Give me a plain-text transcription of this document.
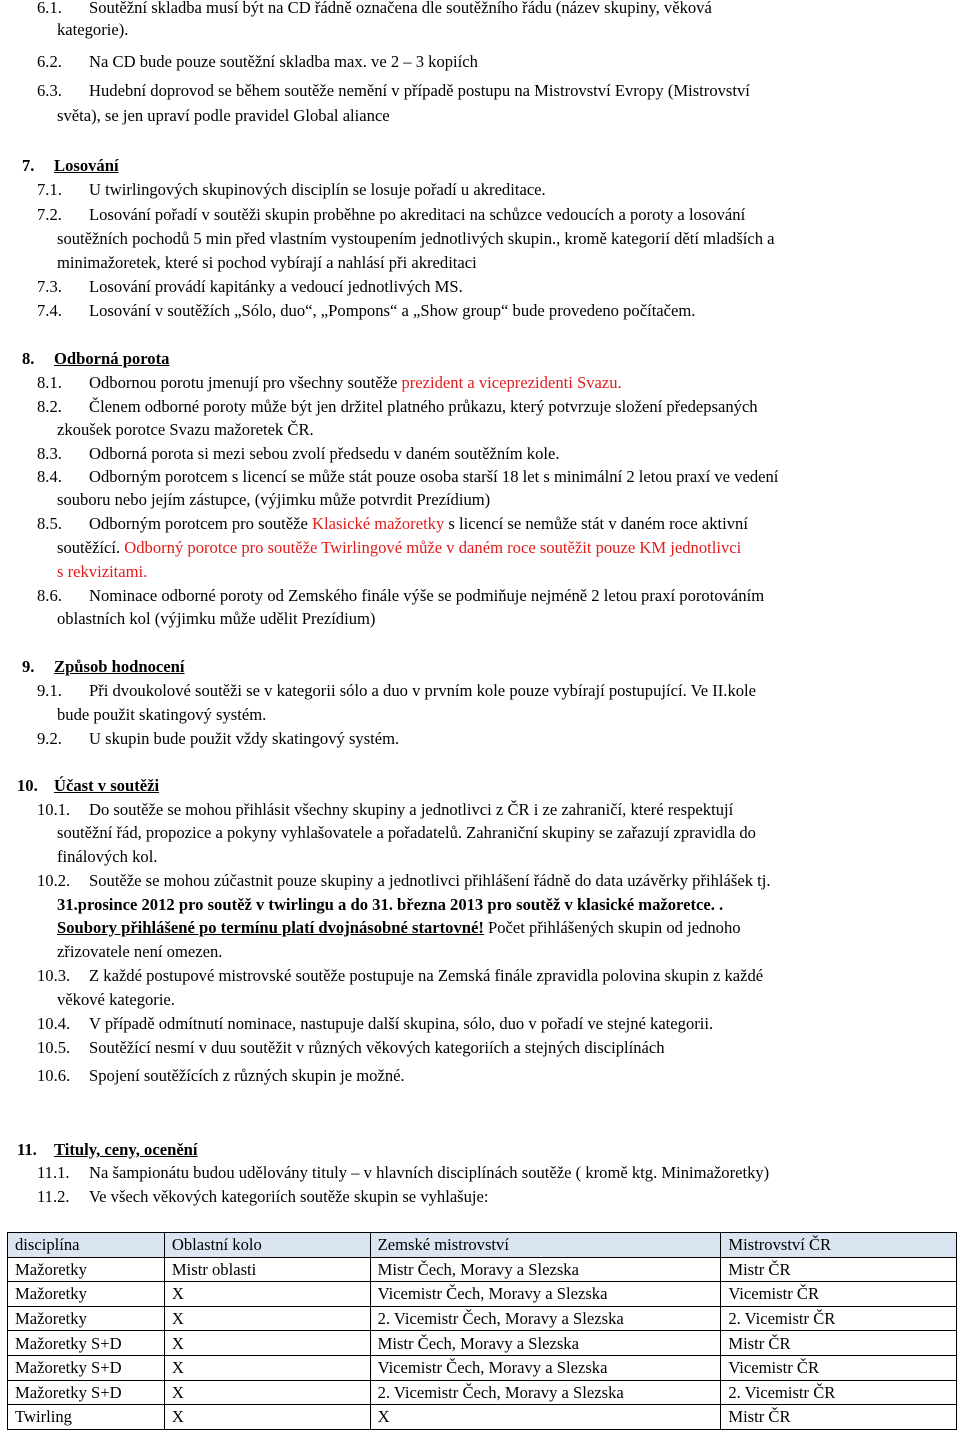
6.1. Soutěžní skladba musí být na CD řádně označena dle soutěžního řádu (název skupiny, věková
kategorie).
6.2. Na CD bude pouze soutěžní skladba max. ve 2 – 3 kopiích
6.3. Hudební doprovod se během soutěže nemění v případě postupu na Mistrovství Evropy (Mistrovství
světa), se jen upraví podle pravidel Global aliance
7. Losování
7.1. U twirlingových skupinových disciplín se losuje pořadí u akreditace.
7.2. Losování pořadí v soutěži skupin proběhne po akreditaci na schůzce vedoucích a poroty a losování
soutěžních pochodů 5 min před vlastním vystoupením jednotlivých skupin., kromě kategorií dětí mladších a
minimažoretek, které si pochod vybírají a nahlásí při akreditaci
7.3. Losování provádí kapitánky a vedoucí jednotlivých MS.
7.4. Losování v soutěžích „Sólo, duo“, „Pompons“ a „Show group“ bude provedeno počítačem.
8. Odborná porota
8.1. Odbornou porotu jmenují pro všechny soutěže prezident a viceprezidenti Svazu.
8.2. Členem odborné poroty může být jen držitel platného průkazu, který potvrzuje složení předepsaných
zkoušek porotce Svazu mažoretek ČR.
8.3. Odborná porota si mezi sebou zvolí předsedu v daném soutěžním kole.
8.4. Odborným porotcem s licencí se může stát pouze osoba starší 18 let s minimální 2 letou praxí ve vedení
souboru nebo jejím zástupce, (výjimku může potvrdit Prezídium)
8.5. Odborným porotcem pro soutěže Klasické mažoretky s licencí se nemůže stát v daném roce aktivní
soutěžící. Odborný porotce pro soutěže Twirlingové může v daném roce soutěžit pouze KM jednotlivci
s rekvizitami.
8.6. Nominace odborné poroty od Zemského finále výše se podmiňuje nejméně 2 letou praxí porotováním
oblastních kol (výjimku může udělit Prezídium)
9. Způsob hodnocení
9.1. Při dvoukolové soutěži se v kategorii sólo a duo v prvním kole pouze vybírají postupující. Ve II.kole
bude použit skatingový systém.
9.2. U skupin bude použit vždy skatingový systém.
10. Účast v soutěži
10.1. Do soutěže se mohou přihlásit všechny skupiny a jednotlivci z ČR i ze zahraničí, které respektují
soutěžní řád, propozice a pokyny vyhlašovatele a pořadatelů. Zahraniční skupiny se zařazují zpravidla do
finálových kol.
10.2. Soutěže se mohou zúčastnit pouze skupiny a jednotlivci přihlášení řádně do data uzávěrky přihlášek tj.
31.prosince 2012 pro soutěž v twirlingu a do 31. března 2013 pro soutěž v klasické mažoretce. .
Soubory přihlášené po termínu platí dvojnásobné startovné! Počet přihlášených skupin od jednoho
zřizovatele není omezen.
10.3. Z každé postupové mistrovské soutěže postupuje na Zemská finále zpravidla polovina skupin z každé
věkové kategorie.
10.4. V případě odmítnutí nominace, nastupuje další skupina, sólo, duo v pořadí ve stejné kategorii.
10.5. Soutěžící nesmí v duu soutěžit v různých věkových kategoriích a stejných disciplínách
10.6. Spojení soutěžících z různých skupin je možné.
11. Tituly, ceny, ocenění
11.1. Na šampionátu budou udělovány tituly – v hlavních disciplínách soutěže ( kromě ktg. Minimažoretky)
11.2. Ve všech věkových kategoriích soutěže skupin se vyhlašuje:
disciplína	Oblastní kolo	Zemské mistrovství	Mistrovství ČR
Mažoretky	Mistr oblasti	Mistr Čech, Moravy a Slezska	Mistr ČR
Mažoretky	X	Vicemistr Čech, Moravy a Slezska	Vicemistr ČR
Mažoretky	X	2. Vicemistr Čech, Moravy a Slezska	2. Vicemistr ČR
Mažoretky S+D	X	Mistr Čech, Moravy a Slezska	Mistr ČR
Mažoretky S+D	X	Vicemistr Čech, Moravy a Slezska	Vicemistr ČR
Mažoretky S+D	X	2. Vicemistr Čech, Moravy a Slezska	2. Vicemistr ČR
Twirling	X	X	Mistr ČR
